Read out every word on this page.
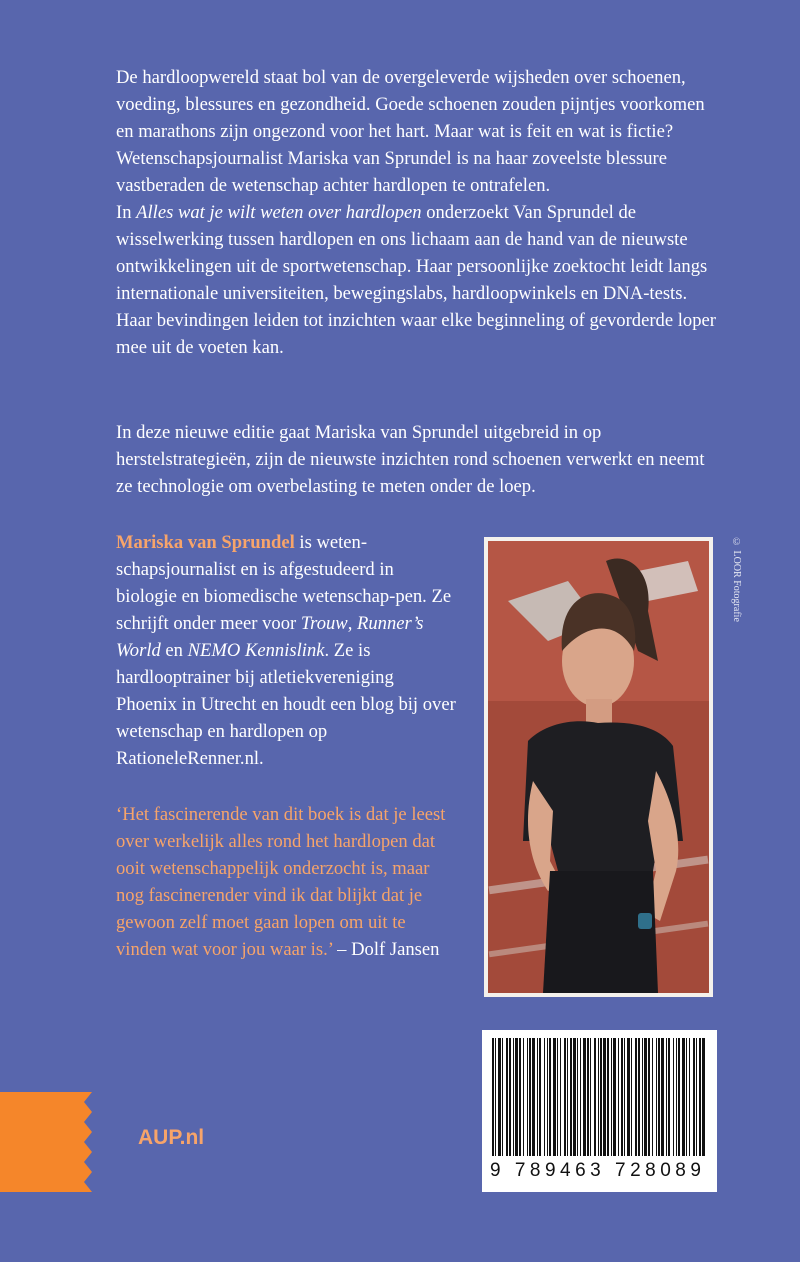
De hardloopwereld staat bol van de overgeleverde wijsheden over schoenen, voeding, blessures en gezondheid. Goede schoenen zouden pijntjes voorkomen en marathons zijn ongezond voor het hart. Maar wat is feit en wat is fictie?
Wetenschapsjournalist Mariska van Sprundel is na haar zoveelste blessure vastberaden de wetenschap achter hardlopen te ontrafelen.
In Alles wat je wilt weten over hardlopen onderzoekt Van Sprundel de wisselwerking tussen hardlopen en ons lichaam aan de hand van de nieuwste ontwikkelingen uit de sportwetenschap. Haar persoonlijke zoektocht leidt langs internationale universiteiten, bewegingslabs, hardloopwinkels en DNA-tests. Haar bevindingen leiden tot inzichten waar elke beginneling of gevorderde loper mee uit de voeten kan.

In deze nieuwe editie gaat Mariska van Sprundel uitgebreid in op herstelstrategieën, zijn de nieuwste inzichten rond schoenen verwerkt en neemt ze technologie om overbelasting te meten onder de loep.

Mariska van Sprundel is weten-schapsjournalist en is afgestudeerd in biologie en biomedische wetenschap-pen. Ze schrijft onder meer voor Trouw, Runner’s World en NEMO Kennislink. Ze is hardlooptrainer bij atletiekvereniging Phoenix in Utrecht en houdt een blog bij over wetenschap en hardlopen op RationeleRenner.nl.

© LOOR Fotografie

‘Het fascinerende van dit boek is dat je leest over werkelijk alles rond het hardlopen dat ooit wetenschappelijk onderzocht is, maar nog fascinerender vind ik dat blijkt dat je gewoon zelf moet gaan lopen om uit te vinden wat voor jou waar is.’ – Dolf Jansen

9 789463 728089
AUP.nl
